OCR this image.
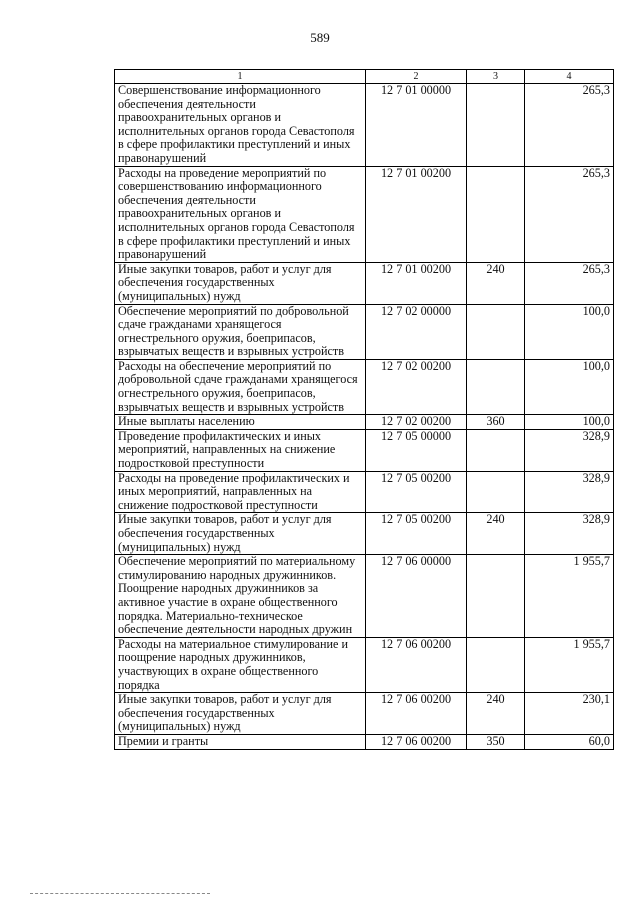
589
1	2	3	4
Совершенствование информационного обеспечения деятельности правоохранительных органов и исполнительных органов города Севастополя в сфере профилактики преступлений и иных правонарушений	12 7 01 00000		265,3
Расходы на проведение мероприятий по совершенствованию информационного обеспечения деятельности правоохранительных органов и исполнительных органов города Севастополя в сфере профилактики преступлений и иных правонарушений	12 7 01 00200		265,3
Иные закупки товаров, работ и услуг для обеспечения государственных (муниципальных) нужд	12 7 01 00200	240	265,3
Обеспечение мероприятий по добровольной сдаче гражданами хранящегося огнестрельного оружия, боеприпасов, взрывчатых веществ и взрывных устройств	12 7 02 00000		100,0
Расходы на обеспечение мероприятий по добровольной сдаче гражданами хранящегося огнестрельного оружия, боеприпасов, взрывчатых веществ и взрывных устройств	12 7 02 00200		100,0
Иные выплаты населению	12 7 02 00200	360	100,0
Проведение профилактических и иных мероприятий, направленных на снижение подростковой преступности	12 7 05 00000		328,9
Расходы на проведение профилактических и иных мероприятий, направленных на снижение подростковой преступности	12 7 05 00200		328,9
Иные закупки товаров, работ и услуг для обеспечения государственных (муниципальных) нужд	12 7 05 00200	240	328,9
Обеспечение мероприятий по материальному стимулированию народных дружинников. Поощрение народных дружинников за активное участие в охране общественного порядка. Материально-техническое обеспечение деятельности народных дружин	12 7 06 00000		1 955,7
Расходы на материальное стимулирование и поощрение народных дружинников, участвующих в охране общественного порядка	12 7 06 00200		1 955,7
Иные закупки товаров, работ и услуг для обеспечения государственных (муниципальных) нужд	12 7 06 00200	240	230,1
Премии и гранты	12 7 06 00200	350	60,0
